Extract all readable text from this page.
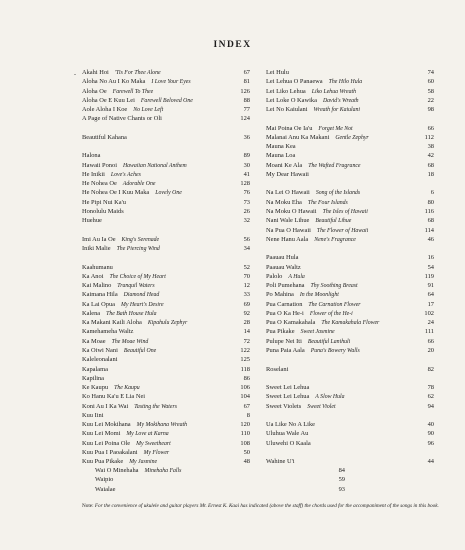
INDEX
- Akahi Hoi 'Tis For Thee Alone	67
Aloha No Au I Ko Maka I Love Your Eyes	81
Aloha Oe Farewell To Thee	126
Aloha Oe E Kuu Lei Farewell Beloved One	88
Aole Aloha I Koe No Love Left	77
A Page of Native Chants or Oli	124
Beautiful Kahana	36
Halona	89
Hawaii Ponoi Hawaiian National Anthem	30
He Inikii Love's Aches	41
He Nohea Oe Adorable One	128
He Nohea Oe I Kuu Maka Lovely One	76
He Pipi Nui Ka'u	73
Honolulu Maids	26
Huehue	32
Imi Au Ia Oe King's Serenade	56
Iniki Malie The Piercing Wind	34
Kaahumanu	52
Ka Anoi The Choice of My Heart	70
Kai Malino Tranquil Waters	12
Kaimana Hila Diamond Head	33
Ka Lai Opua My Heart's Desire	69
Kalena The Bath House Hula	92
Ka Makani Kaili Aloha Kipahulu Zephyr	28
Kamehameha Waltz	14
Ka Moae The Moae Wind	72
Ka Oiwi Nani Beautiful One	122
Kaleleonalani	125
Kapalama	118
Kapilina	86
Ke Kaupu The Kaupu	106
Ko Hanu Ka'u E Lia Nei	104
Koni Au I Ka Wai Tasting the Waters	67
Kuu Iini	8
Kuu Lei Mokihana My Mokihana Wreath	120
Kuu Lei Momi My Love at Karna	110
Kuu Lei Poina Ole My Sweetheart	108
Kuu Pua I Paoakalani My Flower	50
Kuu Pua Pikake My Jasmine	48
Lei Hulu	74
Lei Lehua O Panaewa The Hilo Hula	60
Lei Liko Lehua Liko Lehua Wreath	58
Lei Loke O Kawika David's Wreath	22
Lei No Kaiulani Wreath for Kaiulani	98
Mai Poina Oe Ia'u Forget Me Not	66
Malanai Anu Ka Makani Gentle Zephyr	112
Mauna Kea	38
Mauna Loa	42
Moani Ke Ala The Wafted Fragrance	68
My Dear Hawaii	18
Na Lei O Hawaii Song of the Islands	6
Na Moku Eha The Four Islands	80
Na Moku O Hawaii The Isles of Hawaii	116
Nani Wale Lihue Beautiful Lihue	68
Na Pua O Hawaii The Flower of Hawaii	114
Nene Hanu Aala Nene's Fragrance	46
Paauau Hula	16
Paauau Waltz	54
Palolo A Hula	119
Poli Pumehana Thy Soothing Breast	91
Po Mahina In the Moonlight	64
Pua Carnation The Carnation Flower	17
Pua O Ka He-i Flower of the He-i	102
Pua O Kamakahala The Kamakahala Flower	24
Pua Pikake Sweet Jasmine	111
Pulupe Nei Iti Beautiful Lanihuli	66
Puna Paia Aala Puna's Bowery Walls	20
Roselani	82
Sweet Lei Lehua	78
Sweet Lei Lehua A Slow Hula	62
Sweet Violets Sweet Violet	94
Ua Like No A Like	40
Uluhua Wale Au	90
Uluwehi O Kaala	96
Wahine U'i	44
Wai O Minehaha Minehaha Falls	84
Waipio	59
Waialae	93
Note: For the convenience of ukulele and guitar players Mr. Ernest K. Kaai has indicated (above the staff) the chords used for the accompaniment of the songs in this book.
